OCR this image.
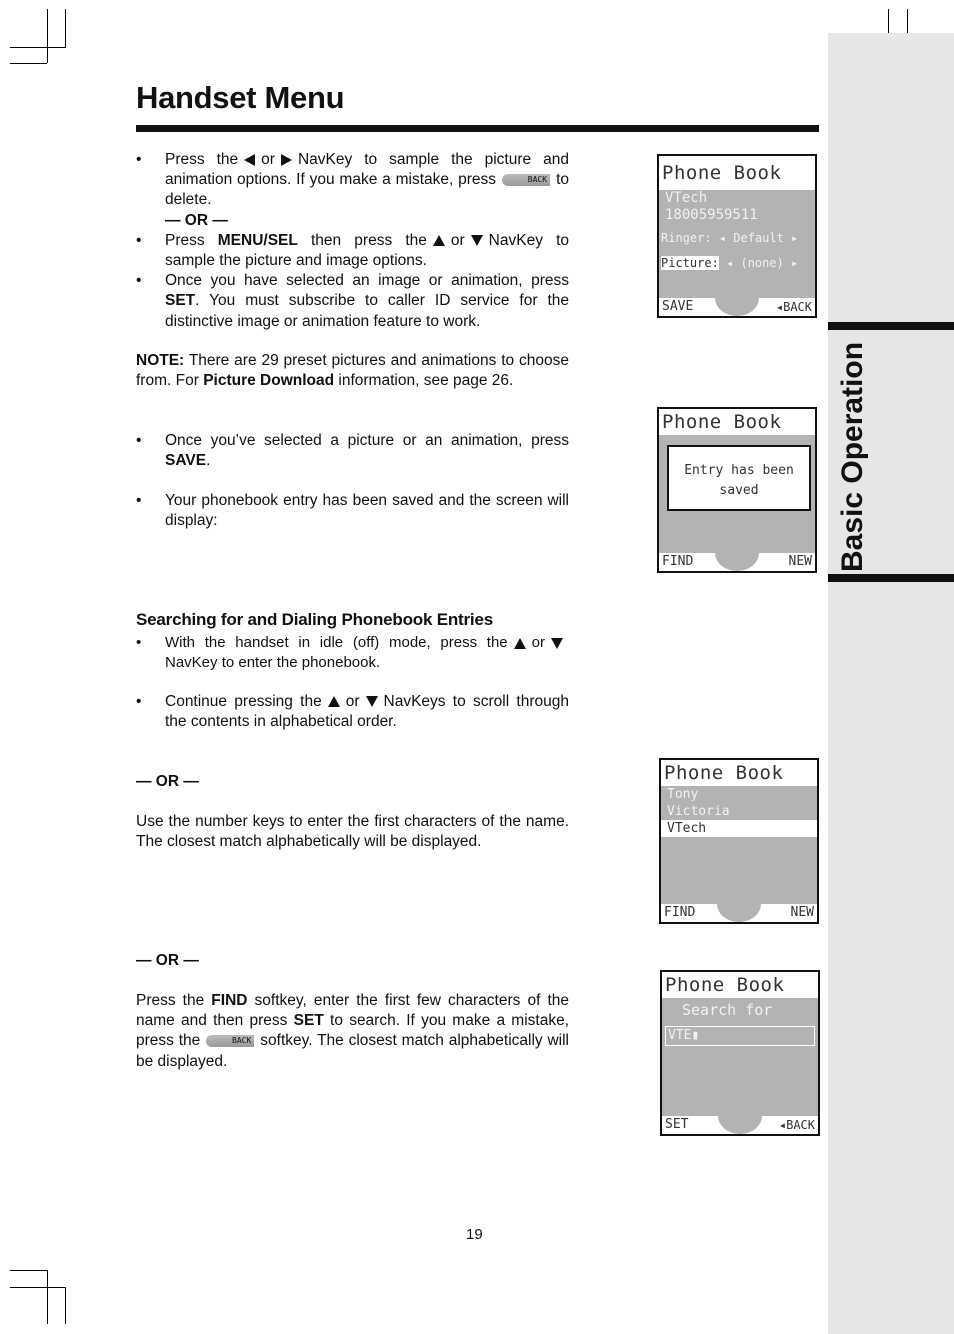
Basic Operation
Handset Menu
• Press the or NavKey to sample the picture and animation options. If you make a mistake, press	BACK to delete.
— OR —
• Press MENU/SEL then press the or NavKey to sample the picture and image options.
• Once you have selected an image or animation, press SET. You must subscribe to caller ID service for the distinctive image or animation feature to work.
NOTE: There are 29 preset pictures and animations to choose from. For Picture Download information, see page 26.
• Once you’ve selected a picture or an animation, press SAVE.
• Your phonebook entry has been saved and the screen will display:
Searching for and Dialing Phonebook Entries
• With the handset in idle (off) mode, press the orNavKey to enter the phonebook.
• Continue pressing the or NavKeys to scroll through the contents in alphabetical order.
— OR —
Use the number keys to enter the first characters of the name. The closest match alphabetically will be displayed.
— OR —
Press the FIND softkey, enter the first few characters of the name and then press SET to search. If you make a mistake, press the	BACK softkey. The closest match alphabetically will be displayed.
Phone Book
VTech
18005959511
Ringer: ◂ Default ▸
Picture: ◂ (none) ▸
SAVE	◂BACK
Phone Book
Entry has been
saved
FIND	NEW
Phone Book
Tony
Victoria
VTech
FIND	NEW
Phone Book
Search for
VTE▮
SET	◂BACK
19
